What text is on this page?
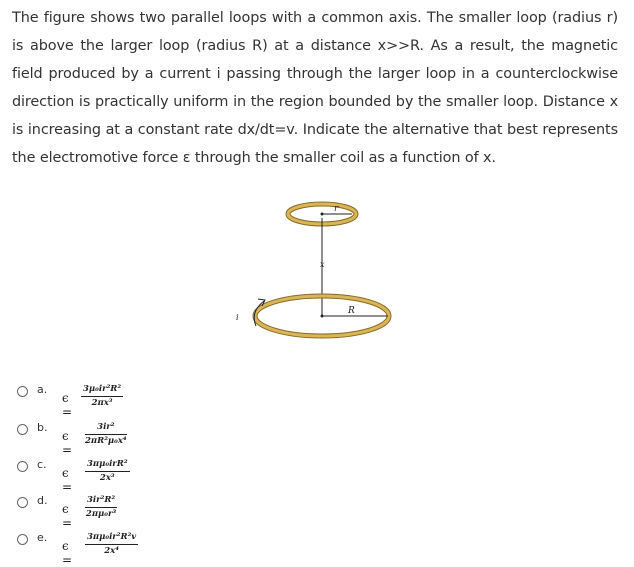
The figure shows two parallel loops with a common axis. The smaller loop (radius r) is above the larger loop (radius R) at a distance x>>R. As a result, the magnetic field produced by a current i passing through the larger loop in a counterclockwise direction is practically uniform in the region bounded by the smaller loop. Distance x is increasing at a constant rate dx/dt=v. Indicate the alternative that best represents the electromotive force ε through the smaller coil as a function of x.
r
x
R
i
a.
ϵ =
$\frac{\text{3μ₀ir²R²}}{\text{2πx³}}$
b.
ϵ =
$\frac{\text{3ir²}}{\text{2πR²μ₀x⁴}}$
c.
ϵ =
3πμ₀irR²
2x³
d.
ϵ =
$\frac{\text{3ir²R²}}{\text{2πμ₀r³}}$
e.
ϵ =
$\frac{\text{3πμ₀ir²R²v}}{\text{2x⁴}}$
